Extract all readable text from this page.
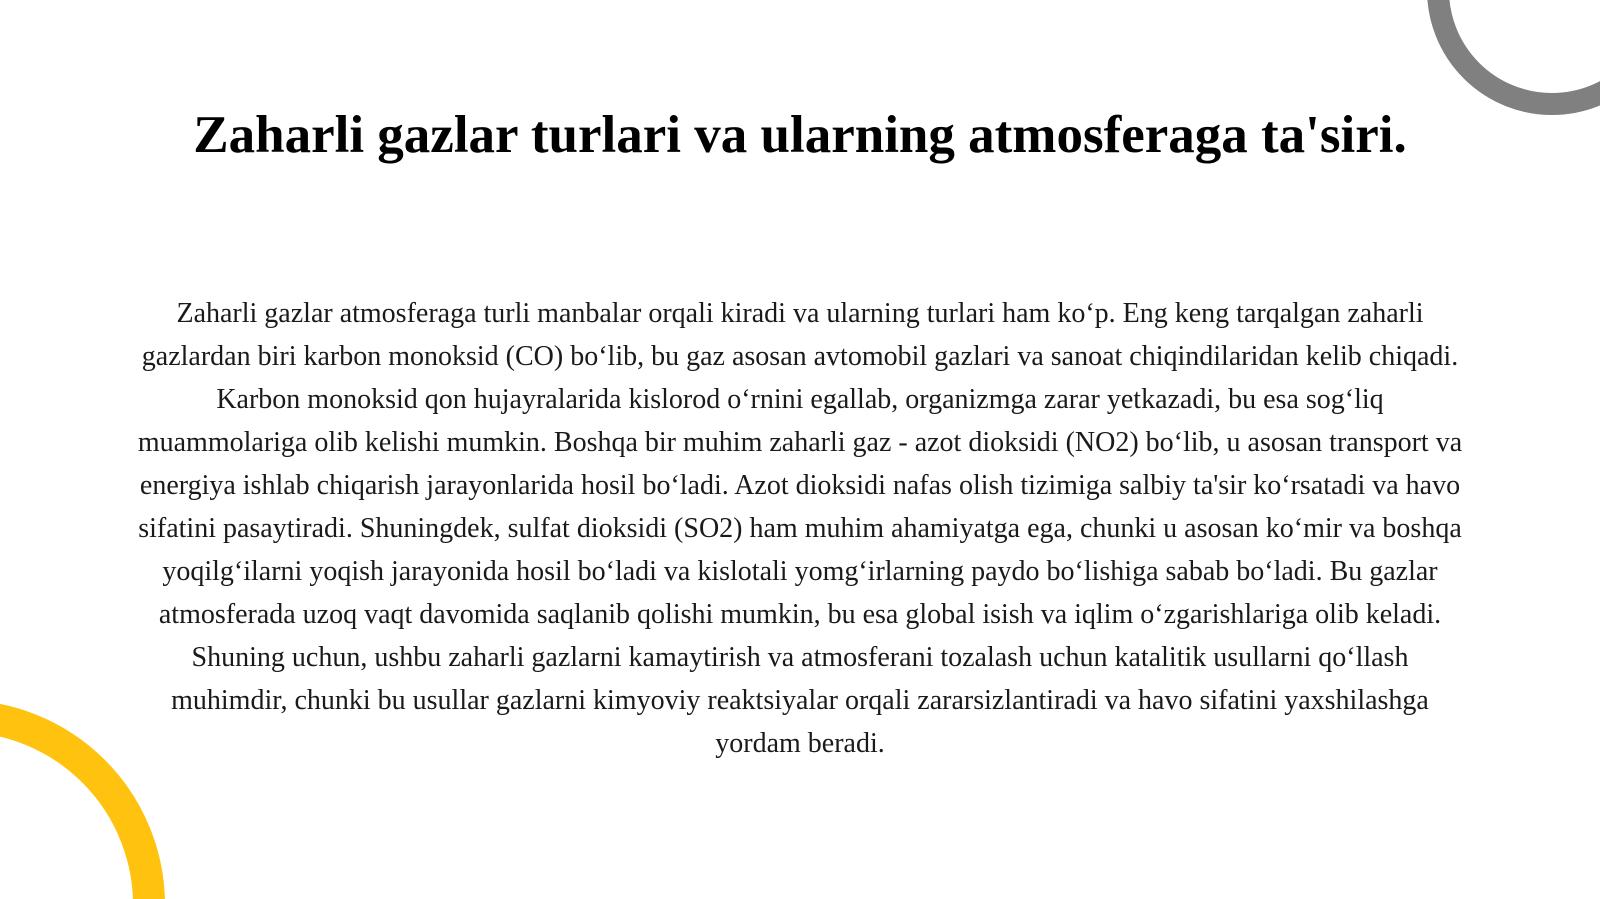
Zaharli gazlar turlari va ularning atmosferaga ta'siri.

Zaharli gazlar atmosferaga turli manbalar orqali kiradi va ularning turlari ham ko‘p. Eng keng tarqalgan zaharli gazlardan biri karbon monoksid (CO) bo‘lib, bu gaz asosan avtomobil gazlari va sanoat chiqindilaridan kelib chiqadi. Karbon monoksid qon hujayralarida kislorod o‘rnini egallab, organizmga zarar yetkazadi, bu esa sog‘liq muammolariga olib kelishi mumkin. Boshqa bir muhim zaharli gaz - azot dioksidi (NO2) bo‘lib, u asosan transport va energiya ishlab chiqarish jarayonlarida hosil bo‘ladi. Azot dioksidi nafas olish tizimiga salbiy ta'sir ko‘rsatadi va havo sifatini pasaytiradi. Shuningdek, sulfat dioksidi (SO2) ham muhim ahamiyatga ega, chunki u asosan ko‘mir va boshqa yoqilg‘ilarni yoqish jarayonida hosil bo‘ladi va kislotali yomg‘irlarning paydo bo‘lishiga sabab bo‘ladi. Bu gazlar atmosferada uzoq vaqt davomida saqlanib qolishi mumkin, bu esa global isish va iqlim o‘zgarishlariga olib keladi. Shuning uchun, ushbu zaharli gazlarni kamaytirish va atmosferani tozalash uchun katalitik usullarni qo‘llash muhimdir, chunki bu usullar gazlarni kimyoviy reaktsiyalar orqali zararsizlantiradi va havo sifatini yaxshilashga yordam beradi.
